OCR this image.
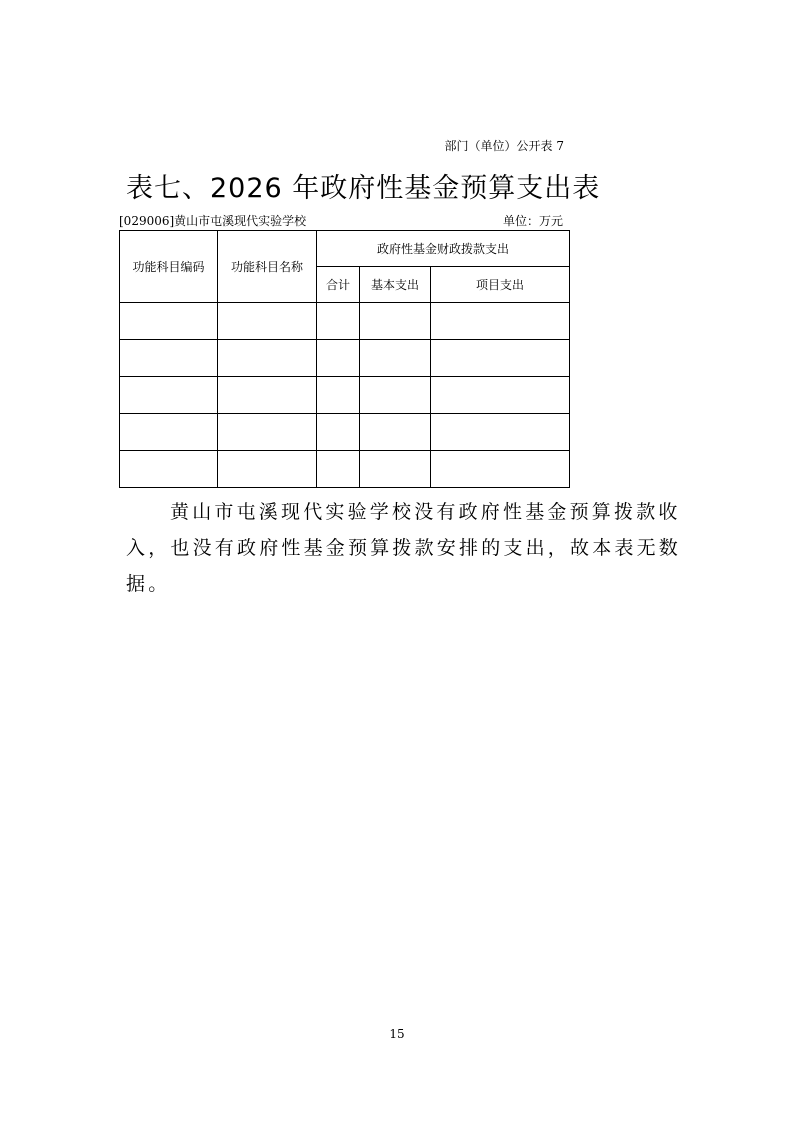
部门（单位）公开表 7
表七、2026 年政府性基金预算支出表
[029006]黄山市屯溪现代实验学校	单位：万元
功能科目编码	功能科目名称	政府性基金财政拨款支出		
		合计	基本支出	项目支出

黄山市屯溪现代实验学校没有政府性基金预算拨款收入，也没有政府性基金预算拨款安排的支出，故本表无数据。
15
